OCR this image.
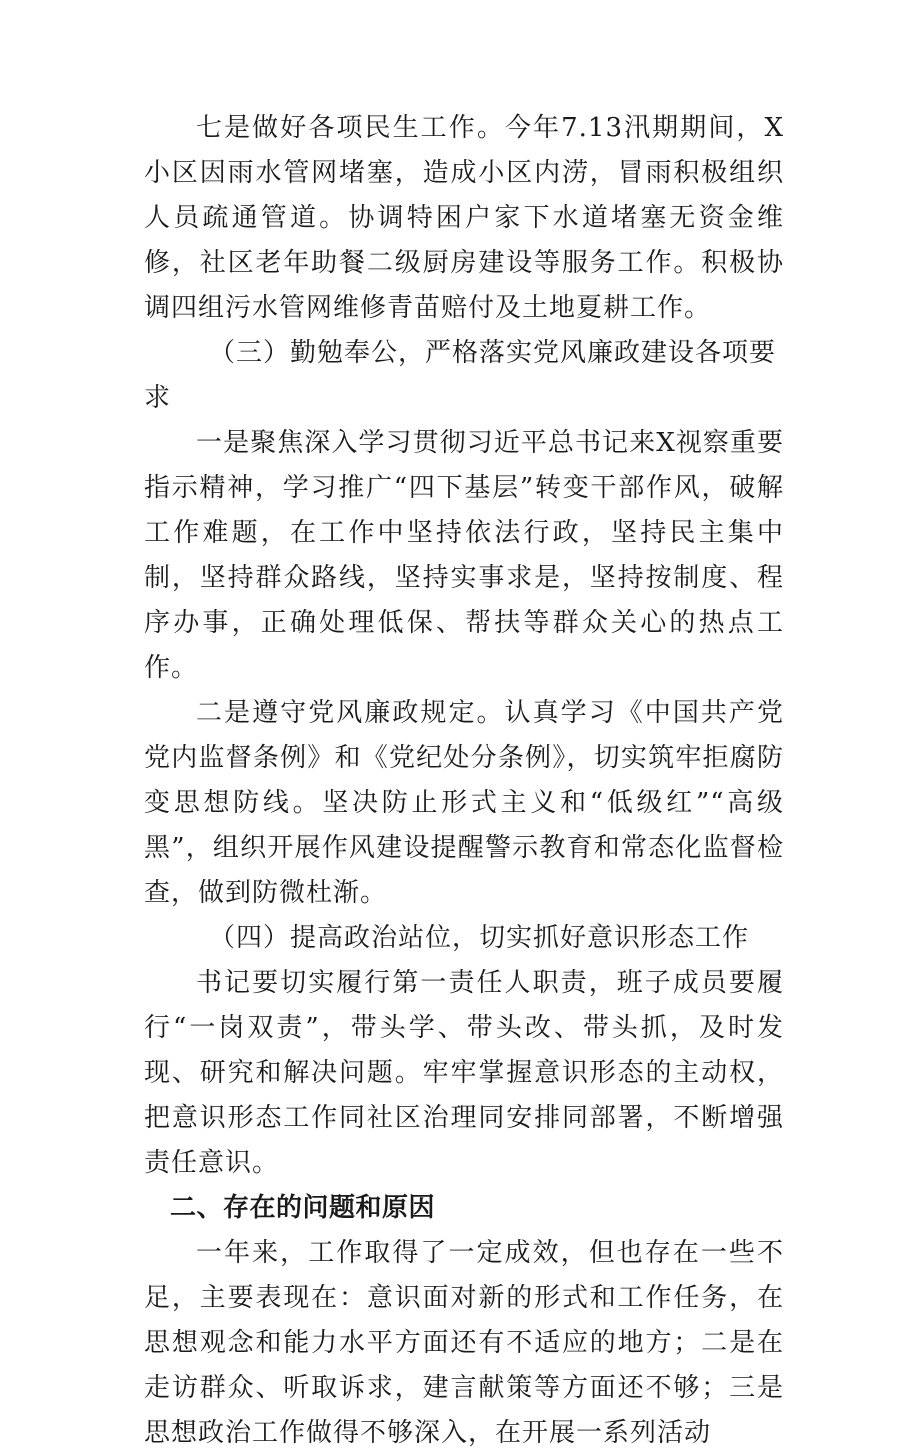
七是做好各项民生工作。今年7.13汛期期间，X小区因雨水管网堵塞，造成小区内涝，冒雨积极组织人员疏通管道。协调特困户家下水道堵塞无资金维修，社区老年助餐二级厨房建设等服务工作。积极协调四组污水管网维修青苗赔付及土地夏耕工作。

（三）勤勉奉公，严格落实党风廉政建设各项要求

一是聚焦深入学习贯彻习近平总书记来X视察重要指示精神，学习推广“四下基层”转变干部作风，破解工作难题，在工作中坚持依法行政，坚持民主集中制，坚持群众路线，坚持实事求是，坚持按制度、程序办事，正确处理低保、帮扶等群众关心的热点工作。

二是遵守党风廉政规定。认真学习《中国共产党党内监督条例》和《党纪处分条例》，切实筑牢拒腐防变思想防线。坚决防止形式主义和“低级红”“高级黑”，组织开展作风建设提醒警示教育和常态化监督检查，做到防微杜渐。

（四）提高政治站位，切实抓好意识形态工作

书记要切实履行第一责任人职责，班子成员要履行“一岗双责”，带头学、带头改、带头抓，及时发现、研究和解决问题。牢牢掌握意识形态的主动权，把意识形态工作同社区治理同安排同部署，不断增强责任意识。

二、存在的问题和原因

一年来，工作取得了一定成效，但也存在一些不足，主要表现在：意识面对新的形式和工作任务，在思想观念和能力水平方面还有不适应的地方；二是在走访群众、听取诉求，建言献策等方面还不够；三是思想政治工作做得不够深入，在开展一系列活动
